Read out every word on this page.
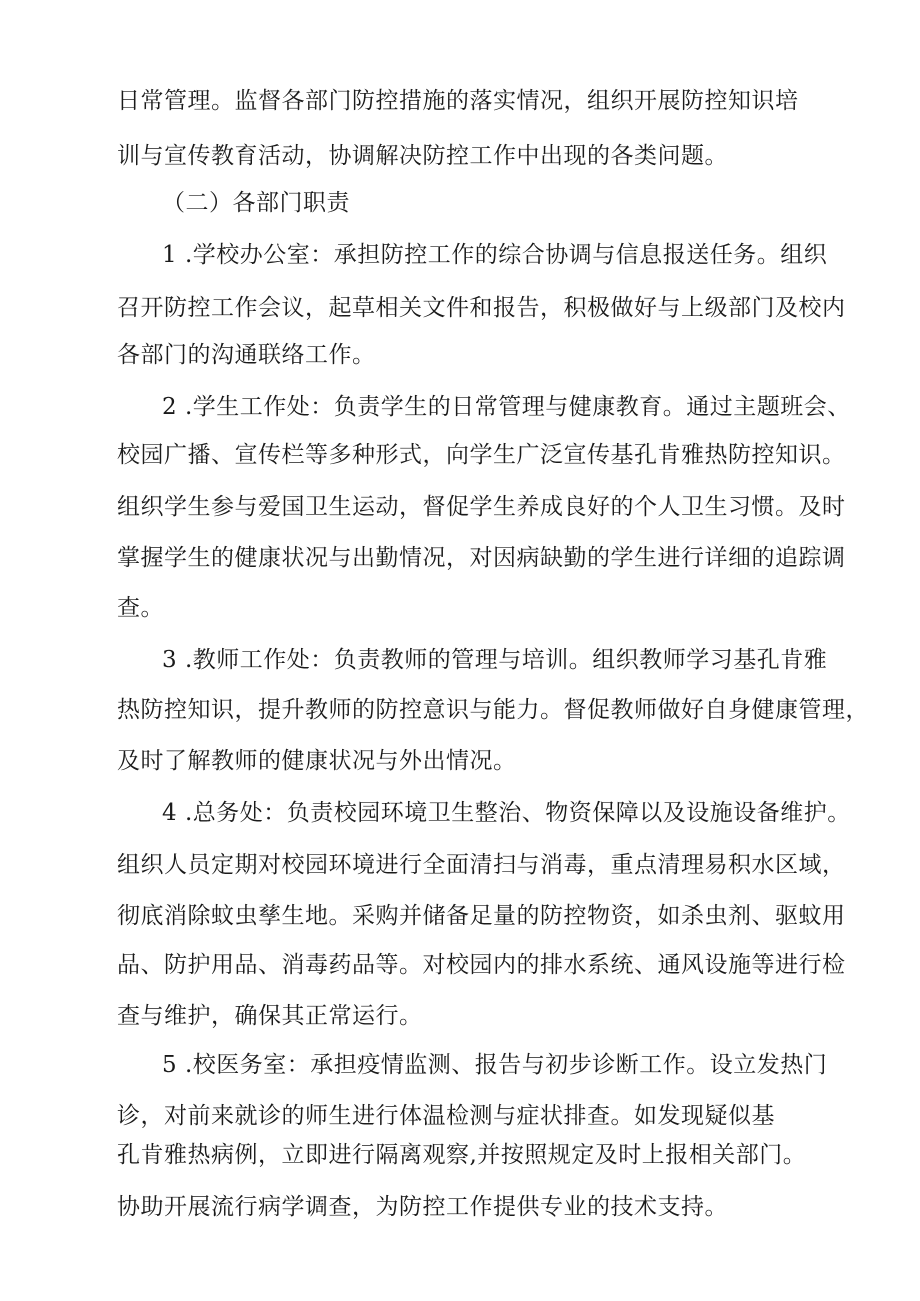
日常管理。监督各部门防控措施的落实情况，组织开展防控知识培
训与宣传教育活动，协调解决防控工作中出现的各类问题。
（二）各部门职责
1 .学校办公室：承担防控工作的综合协调与信息报送任务。组织
召开防控工作会议，起草相关文件和报告，积极做好与上级部门及校内
各部门的沟通联络工作。
2 .学生工作处：负责学生的日常管理与健康教育。通过主题班会、
校园广播、宣传栏等多种形式，向学生广泛宣传基孔肯雅热防控知识。
组织学生参与爱国卫生运动，督促学生养成良好的个人卫生习惯。及时
掌握学生的健康状况与出勤情况，对因病缺勤的学生进行详细的追踪调
查。
3 .教师工作处：负责教师的管理与培训。组织教师学习基孔肯雅
热防控知识，提升教师的防控意识与能力。督促教师做好自身健康管理，
及时了解教师的健康状况与外出情况。
4 .总务处：负责校园环境卫生整治、物资保障以及设施设备维护。
组织人员定期对校园环境进行全面清扫与消毒，重点清理易积水区域，
彻底消除蚊虫孳生地。采购并储备足量的防控物资，如杀虫剂、驱蚊用
品、防护用品、消毒药品等。对校园内的排水系统、通风设施等进行检
查与维护，确保其正常运行。
5 .校医务室：承担疫情监测、报告与初步诊断工作。设立发热门
诊，对前来就诊的师生进行体温检测与症状排查。如发现疑似基
孔肯雅热病例，立即进行隔离观察,并按照规定及时上报相关部门。
协助开展流行病学调查，为防控工作提供专业的技术支持。
